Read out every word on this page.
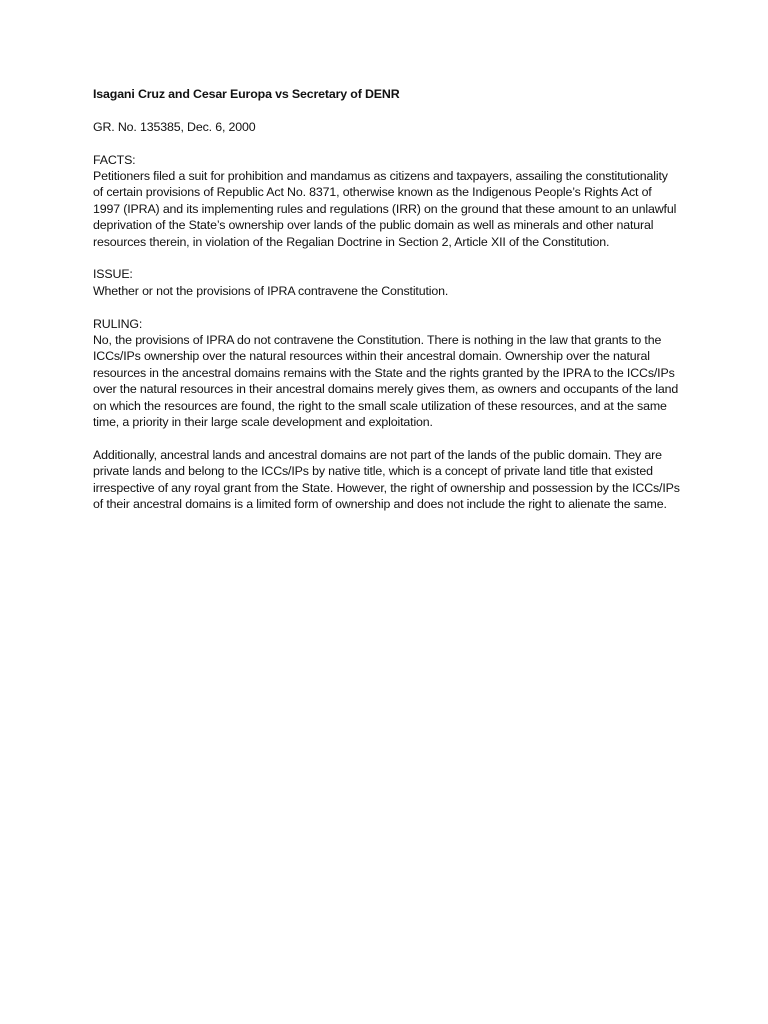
Isagani Cruz and Cesar Europa vs Secretary of DENR

GR. No. 135385, Dec. 6, 2000

FACTS:

Petitioners filed a suit for prohibition and mandamus as citizens and taxpayers, assailing the constitutionality of certain provisions of Republic Act No. 8371, otherwise known as the Indigenous People’s Rights Act of 1997 (IPRA) and its implementing rules and regulations (IRR) on the ground that these amount to an unlawful deprivation of the State’s ownership over lands of the public domain as well as minerals and other natural resources therein, in violation of the Regalian Doctrine in Section 2, Article XII of the Constitution.

ISSUE:

Whether or not the provisions of IPRA contravene the Constitution.

RULING:

No, the provisions of IPRA do not contravene the Constitution. There is nothing in the law that grants to the ICCs/IPs ownership over the natural resources within their ancestral domain. Ownership over the natural resources in the ancestral domains remains with the State and the rights granted by the IPRA to the ICCs/IPs over the natural resources in their ancestral domains merely gives them, as owners and occupants of the land on which the resources are found, the right to the small scale utilization of these resources, and at the same time, a priority in their large scale development and exploitation.

Additionally, ancestral lands and ancestral domains are not part of the lands of the public domain. They are private lands and belong to the ICCs/IPs by native title, which is a concept of private land title that existed irrespective of any royal grant from the State. However, the right of ownership and possession by the ICCs/IPs of their ancestral domains is a limited form of ownership and does not include the right to alienate the same.
